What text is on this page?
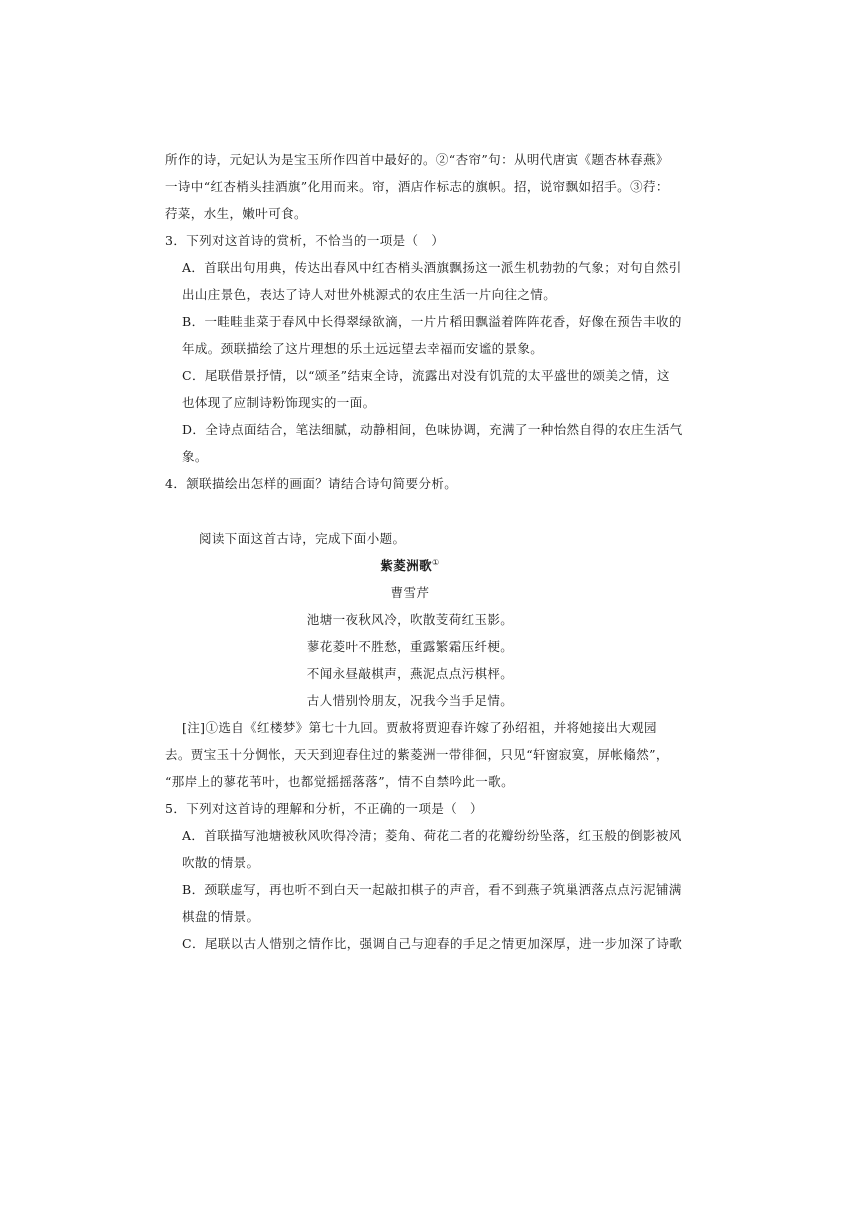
所作的诗，元妃认为是宝玉所作四首中最好的。②“杏帘”句：从明代唐寅《题杏林春燕》

一诗中“红杏梢头挂酒旗”化用而来。帘，酒店作标志的旗帜。招，说帘飘如招手。③荇：

荇菜，水生，嫩叶可食。

3．下列对这首诗的赏析，不恰当的一项是（　）

A．首联出句用典，传达出春风中红杏梢头酒旗飘扬这一派生机勃勃的气象；对句自然引

出山庄景色，表达了诗人对世外桃源式的农庄生活一片向往之情。

B．一畦畦韭菜于春风中长得翠绿欲滴，一片片稻田飘溢着阵阵花香，好像在预告丰收的

年成。颈联描绘了这片理想的乐土远远望去幸福而安谧的景象。

C．尾联借景抒情，以“颂圣”结束全诗，流露出对没有饥荒的太平盛世的颂美之情，这

也体现了应制诗粉饰现实的一面。

D．全诗点面结合，笔法细腻，动静相间，色味协调，充满了一种怡然自得的农庄生活气

象。

4．颔联描绘出怎样的画面？请结合诗句简要分析。

阅读下面这首古诗，完成下面小题。

紫菱洲歌①

曹雪芹

池塘一夜秋风冷，吹散芰荷红玉影。

蓼花菱叶不胜愁，重露繁霜压纤梗。

不闻永昼敲棋声，燕泥点点污棋枰。

古人惜别怜朋友，况我今当手足情。

[注]①选自《红楼梦》第七十九回。贾赦将贾迎春许嫁了孙绍祖，并将她接出大观园

去。贾宝玉十分惆怅，天天到迎春住过的紫菱洲一带徘徊，只见“轩窗寂寞，屏帐翛然”，

“那岸上的蓼花苇叶，也都觉摇摇落落”，情不自禁吟此一歌。

5．下列对这首诗的理解和分析，不正确的一项是（　）

A．首联描写池塘被秋风吹得冷清；菱角、荷花二者的花瓣纷纷坠落，红玉般的倒影被风

吹散的情景。

B．颈联虚写，再也听不到白天一起敲扣棋子的声音，看不到燕子筑巢洒落点点污泥铺满

棋盘的情景。

C．尾联以古人惜别之情作比，强调自己与迎春的手足之情更加深厚，进一步加深了诗歌
